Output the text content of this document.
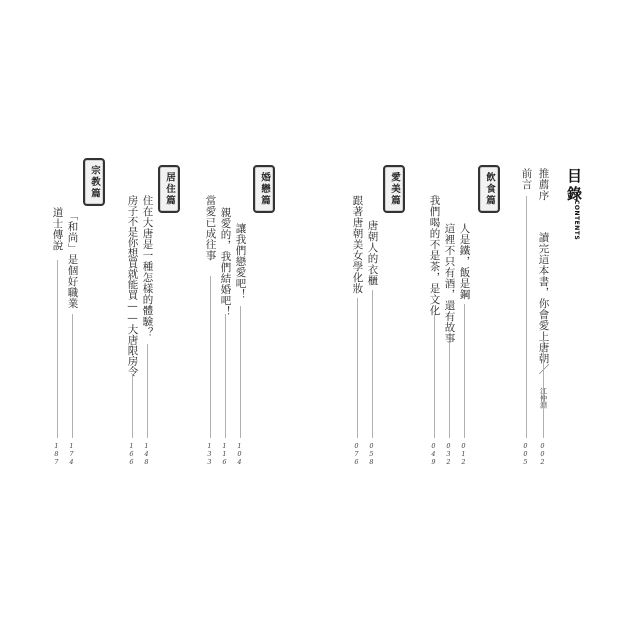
目錄
CONTENTS
推薦序  讀完這本書，你會愛上唐朝／ 江仲淵
002
前言
005
飲食篇
人是鐵，飯是鋼
012
這裡不只有酒，還有故事
032
我們喝的不是茶，是文化
049
愛美篇
唐朝人的衣櫃
058
跟著唐朝美女學化妝
076
婚戀篇
讓我們戀愛吧！
104
親愛的，我們結婚吧！
116
當愛已成往事
133
居住篇
住在大唐是一種怎樣的體驗？
148
房子不是你想買就能買——大唐限房令
166
宗教篇
「和尚」是個好職業
174
道士傳說
187
